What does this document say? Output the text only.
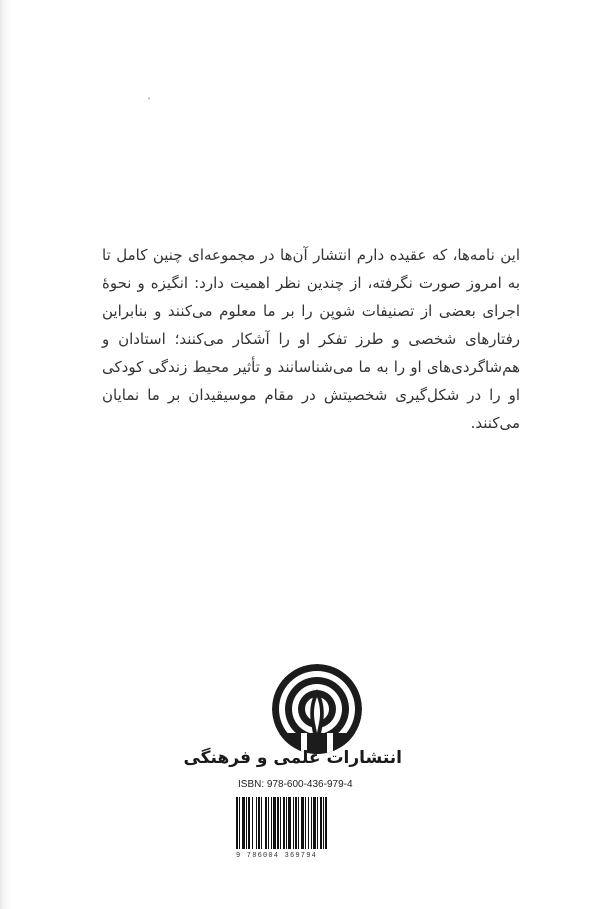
این نامه‌ها، که عقیده دارم انتشار آن‌ها در مجموعه‌ای چنین کامل تا به امروز صورت نگرفته، از چندین نظر اهمیت دارد: انگیزه و نحوهٔ اجرای بعضی از تصنیفات شوپن را بر ما معلوم می‌کنند و بنابراین رفتارهای شخصی و طرز تفکر او را آشکار می‌کنند؛ استادان و هم‌شاگردی‌های او را به ما می‌شناسانند و تأثیر محیط زندگی کودکی او را در شکل‌گیری شخصیتش در مقام موسیقیدان بر ما نمایان می‌کنند.

انتشارات علمی و فرهنگی
ISBN: 978-600-436-979-4
9 786004 369794
